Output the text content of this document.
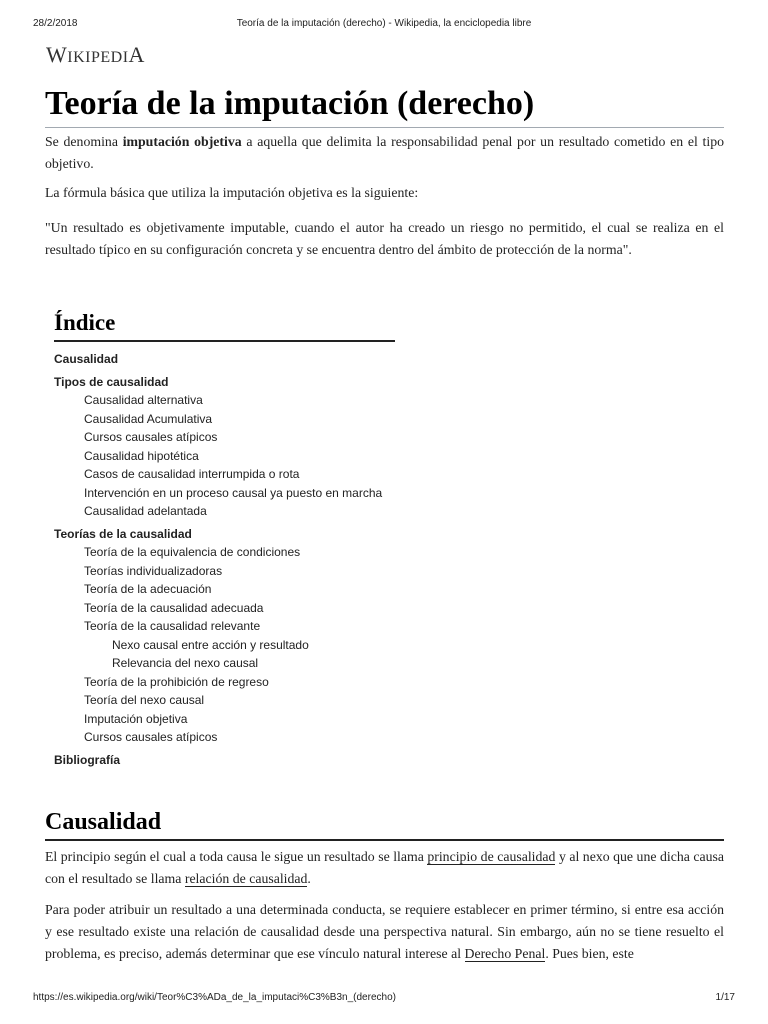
28/2/2018	Teoría de la imputación (derecho) - Wikipedia, la enciclopedia libre
WIKIPEDIA
Teoría de la imputación (derecho)

Se denomina imputación objetiva a aquella que delimita la responsabilidad penal por un resultado cometido en el tipo objetivo.

La fórmula básica que utiliza la imputación objetiva es la siguiente:

"Un resultado es objetivamente imputable, cuando el autor ha creado un riesgo no permitido, el cual se realiza en el resultado típico en su configuración concreta y se encuentra dentro del ámbito de protección de la norma".

Índice
Causalidad
Tipos de causalidad
Causalidad alternativa
Causalidad Acumulativa
Cursos causales atípicos
Causalidad hipotética
Casos de causalidad interrumpida o rota
Intervención en un proceso causal ya puesto en marcha
Causalidad adelantada
Teorías de la causalidad
Teoría de la equivalencia de condiciones
Teorías individualizadoras
Teoría de la adecuación
Teoría de la causalidad adecuada
Teoría de la causalidad relevante
Nexo causal entre acción y resultado
Relevancia del nexo causal
Teoría de la prohibición de regreso
Teoría del nexo causal
Imputación objetiva
Cursos causales atípicos
Bibliografía
Causalidad

El principio según el cual a toda causa le sigue un resultado se llama principio de causalidad y al nexo que une dicha causa con el resultado se llama relación de causalidad.

Para poder atribuir un resultado a una determinada conducta, se requiere establecer en primer término, si entre esa acción y ese resultado existe una relación de causalidad desde una perspectiva natural. Sin embargo, aún no se tiene resuelto el problema, es preciso, además determinar que ese vínculo natural interese al Derecho Penal. Pues bien, este

https://es.wikipedia.org/wiki/Teor%C3%ADa_de_la_imputaci%C3%B3n_(derecho)	1/17
